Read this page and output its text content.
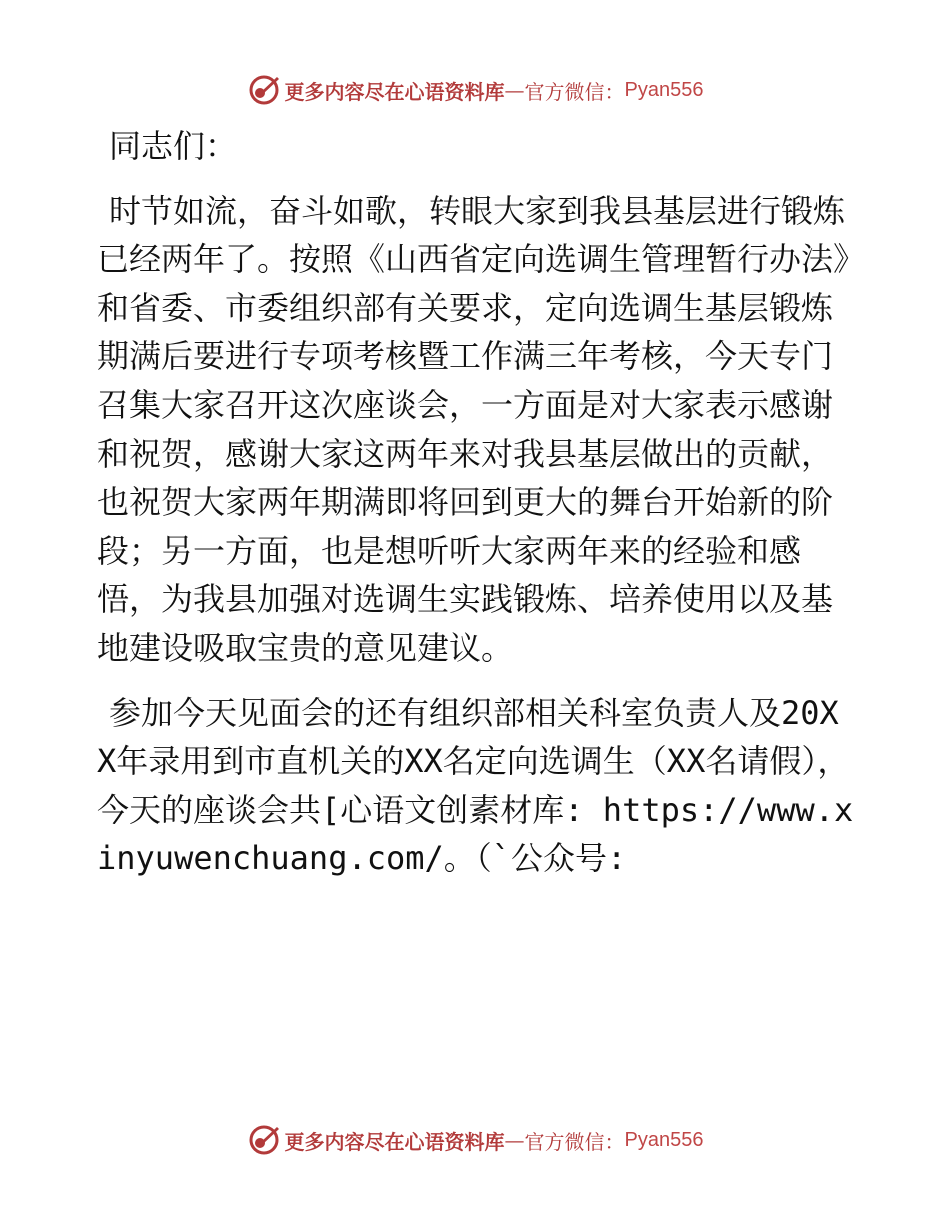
更多内容尽在心语资料库 — 官方微信： Pyan556

同志们：

时节如流，奋斗如歌，转眼大家到我县基层进行锻炼已经两年了。按照《山西省定向选调生管理暂行办法》和省委、市委组织部有关要求，定向选调生基层锻炼期满后要进行专项考核暨工作满三年考核，今天专门召集大家召开这次座谈会，一方面是对大家表示感谢和祝贺，感谢大家这两年来对我县基层做出的贡献，也祝贺大家两年期满即将回到更大的舞台开始新的阶段；另一方面，也是想听听大家两年来的经验和感悟，为我县加强对选调生实践锻炼、培养使用以及基地建设吸取宝贵的意见建议。

参加今天见面会的还有组织部相关科室负责人及20XX年录用到市直机关的XX名定向选调生（XX名请假），今天的座谈会共[心语文创素材库: https://www.xinyuwenchuang.com/。（`公众号:

更多内容尽在心语资料库 — 官方微信： Pyan556
